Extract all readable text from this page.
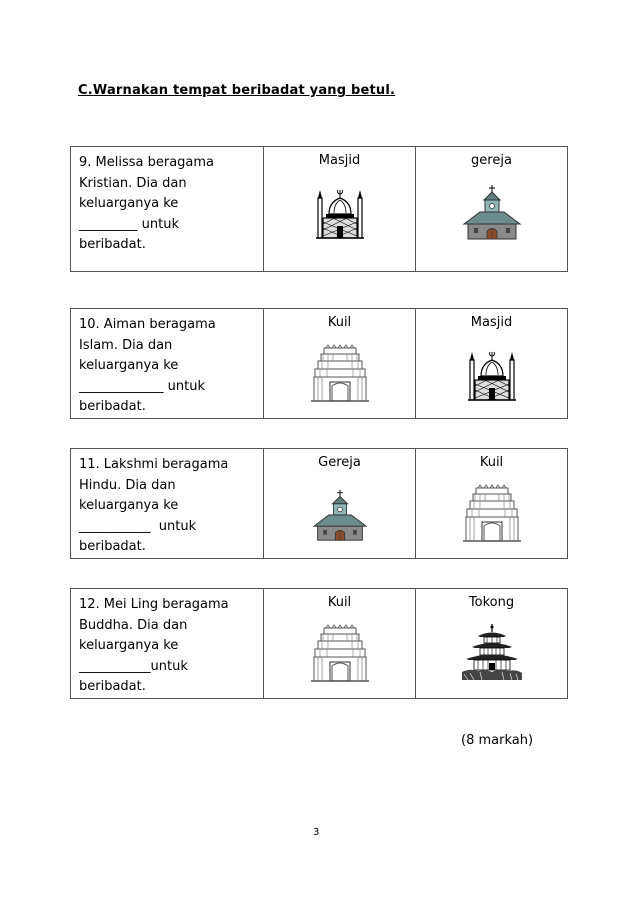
C.Warnakan tempat beribadat yang betul.
9. Melissa beragama
Kristian. Dia dan
keluarganya ke
_________ untuk
beribadat.

Masjid	gereja
10. Aiman beragama
Islam. Dia dan
keluarganya ke
_____________ untuk
beribadat.

Kuil	Masjid
11. Lakshmi beragama
Hindu. Dia dan
keluarganya ke
___________  untuk
beribadat.

Gereja	Kuil
12. Mei Ling beragama
Buddha. Dia dan
keluarganya ke
___________untuk
beribadat.

Kuil	Tokong
(8 markah)
3
